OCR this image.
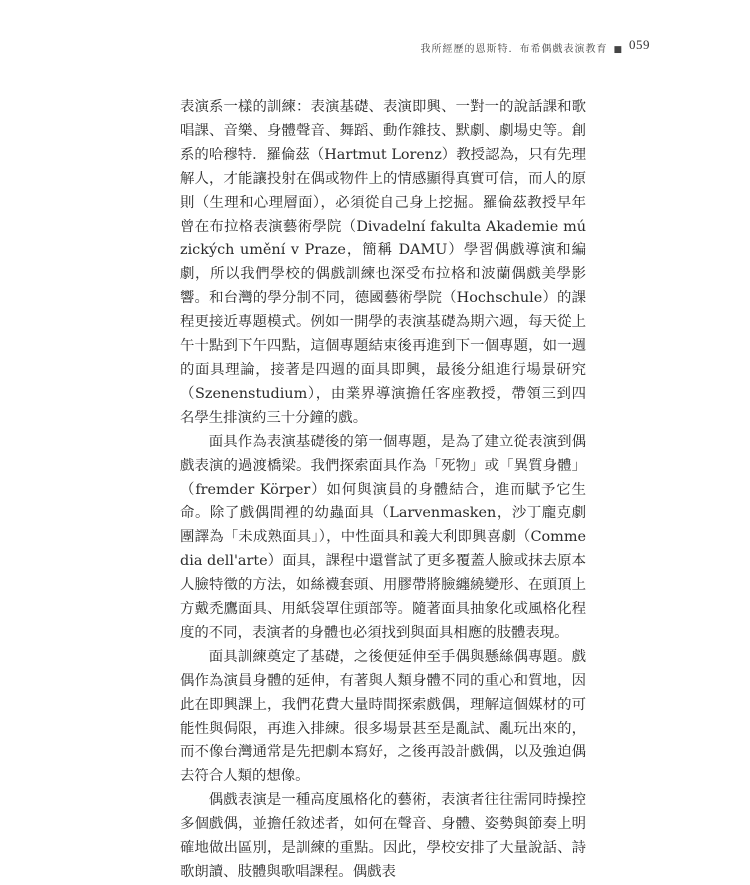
我所經歷的恩斯特．布希偶戲表演教育 ■ 059

表演系一樣的訓練：表演基礎、表演即興、一對一的說話課和歌唱課、音樂、身體聲音、舞蹈、動作雜技、默劇、劇場史等。創系的哈穆特．羅倫茲（Hartmut Lorenz）教授認為，只有先理解人，才能讓投射在偶或物件上的情感顯得真實可信，而人的原則（生理和心理層面），必須從自己身上挖掘。羅倫茲教授早年曾在布拉格表演藝術學院（Divadelní fakulta Akademie múzických umění v Praze，簡稱 DAMU）學習偶戲導演和編劇，所以我們學校的偶戲訓練也深受布拉格和波蘭偶戲美學影響。和台灣的學分制不同，德國藝術學院（Hochschule）的課程更接近專題模式。例如一開學的表演基礎為期六週，每天從上午十點到下午四點，這個專題結束後再進到下一個專題，如一週的面具理論，接著是四週的面具即興，最後分組進行場景研究（Szenenstudium），由業界導演擔任客座教授，帶領三到四名學生排演約三十分鐘的戲。

面具作為表演基礎後的第一個專題，是為了建立從表演到偶戲表演的過渡橋梁。我們探索面具作為「死物」或「異質身體」（fremder Körper）如何與演員的身體結合，進而賦予它生命。除了戲偶間裡的幼蟲面具（Larvenmasken，沙丁龐克劇團譯為「未成熟面具」），中性面具和義大利即興喜劇（Commedia dell'arte）面具，課程中還嘗試了更多覆蓋人臉或抹去原本人臉特徵的方法，如絲襪套頭、用膠帶將臉纏繞變形、在頭頂上方戴禿鷹面具、用紙袋罩住頭部等。隨著面具抽象化或風格化程度的不同，表演者的身體也必須找到與面具相應的肢體表現。

面具訓練奠定了基礎，之後便延伸至手偶與懸絲偶專題。戲偶作為演員身體的延伸，有著與人類身體不同的重心和質地，因此在即興課上，我們花費大量時間探索戲偶，理解這個媒材的可能性與侷限，再進入排練。很多場景甚至是亂試、亂玩出來的，而不像台灣通常是先把劇本寫好，之後再設計戲偶，以及強迫偶去符合人類的想像。

偶戲表演是一種高度風格化的藝術，表演者往往需同時操控多個戲偶，並擔任敘述者，如何在聲音、身體、姿勢與節奏上明確地做出區別，是訓練的重點。因此，學校安排了大量說話、詩歌朗讀、肢體與歌唱課程。偶戲表
